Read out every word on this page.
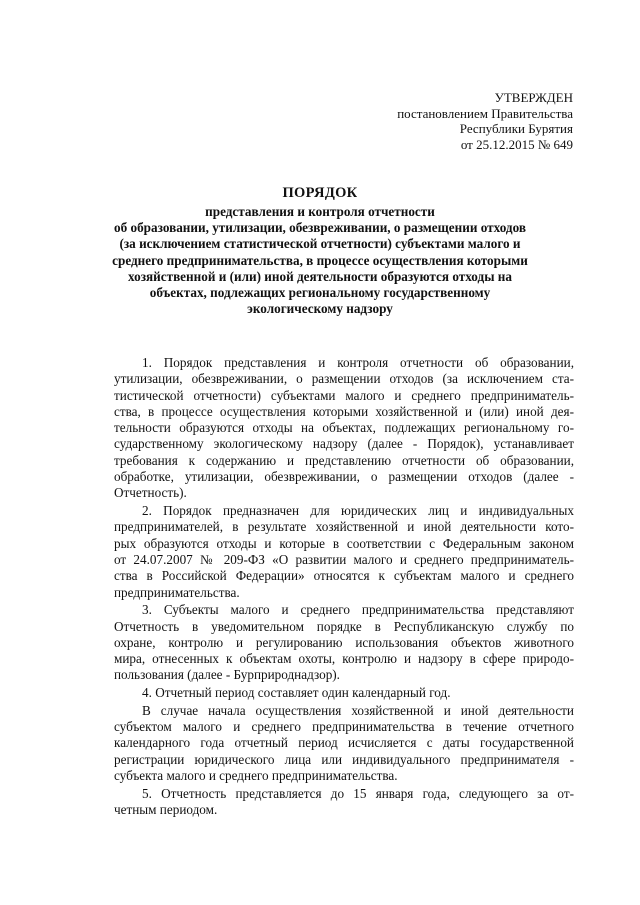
УТВЕРЖДЕН
постановлением Правительства
Республики Бурятия
от 25.12.2015 № 649
ПОРЯДОК
представления и контроля отчетности
об образовании, утилизации, обезвреживании, о размещении отходов
(за исключением статистической отчетности) субъектами малого и
среднего предпринимательства, в процессе осуществления которыми
хозяйственной и (или) иной деятельности образуются отходы на
объектах, подлежащих региональному государственному
экологическому надзору
1. Порядок представления и контроля отчетности об образовании,
утилизации, обезвреживании, о размещении отходов (за исключением ста-
тистической отчетности) субъектами малого и среднего предприниматель-
ства, в процессе осуществления которыми хозяйственной и (или) иной дея-
тельности образуются отходы на объектах, подлежащих региональному го-
сударственному экологическому надзору (далее - Порядок), устанавливает
требования к содержанию и представлению отчетности об образовании,
обработке, утилизации, обезвреживании, о размещении отходов (далее -
Отчетность).
2. Порядок предназначен для юридических лиц и индивидуальных
предпринимателей, в результате хозяйственной и иной деятельности кото-
рых образуются отходы и которые в соответствии с Федеральным законом
от 24.07.2007 № 209-ФЗ «О развитии малого и среднего предприниматель-
ства в Российской Федерации» относятся к субъектам малого и среднего
предпринимательства.
3. Субъекты малого и среднего предпринимательства представляют
Отчетность в уведомительном порядке в Республиканскую службу по
охране, контролю и регулированию использования объектов животного
мира, отнесенных к объектам охоты, контролю и надзору в сфере природо-
пользования (далее - Бурприроднадзор).
4. Отчетный период составляет один календарный год.
В случае начала осуществления хозяйственной и иной деятельности
субъектом малого и среднего предпринимательства в течение отчетного
календарного года отчетный период исчисляется с даты государственной
регистрации юридического лица или индивидуального предпринимателя -
субъекта малого и среднего предпринимательства.
5. Отчетность представляется до 15 января года, следующего за от-
четным периодом.
